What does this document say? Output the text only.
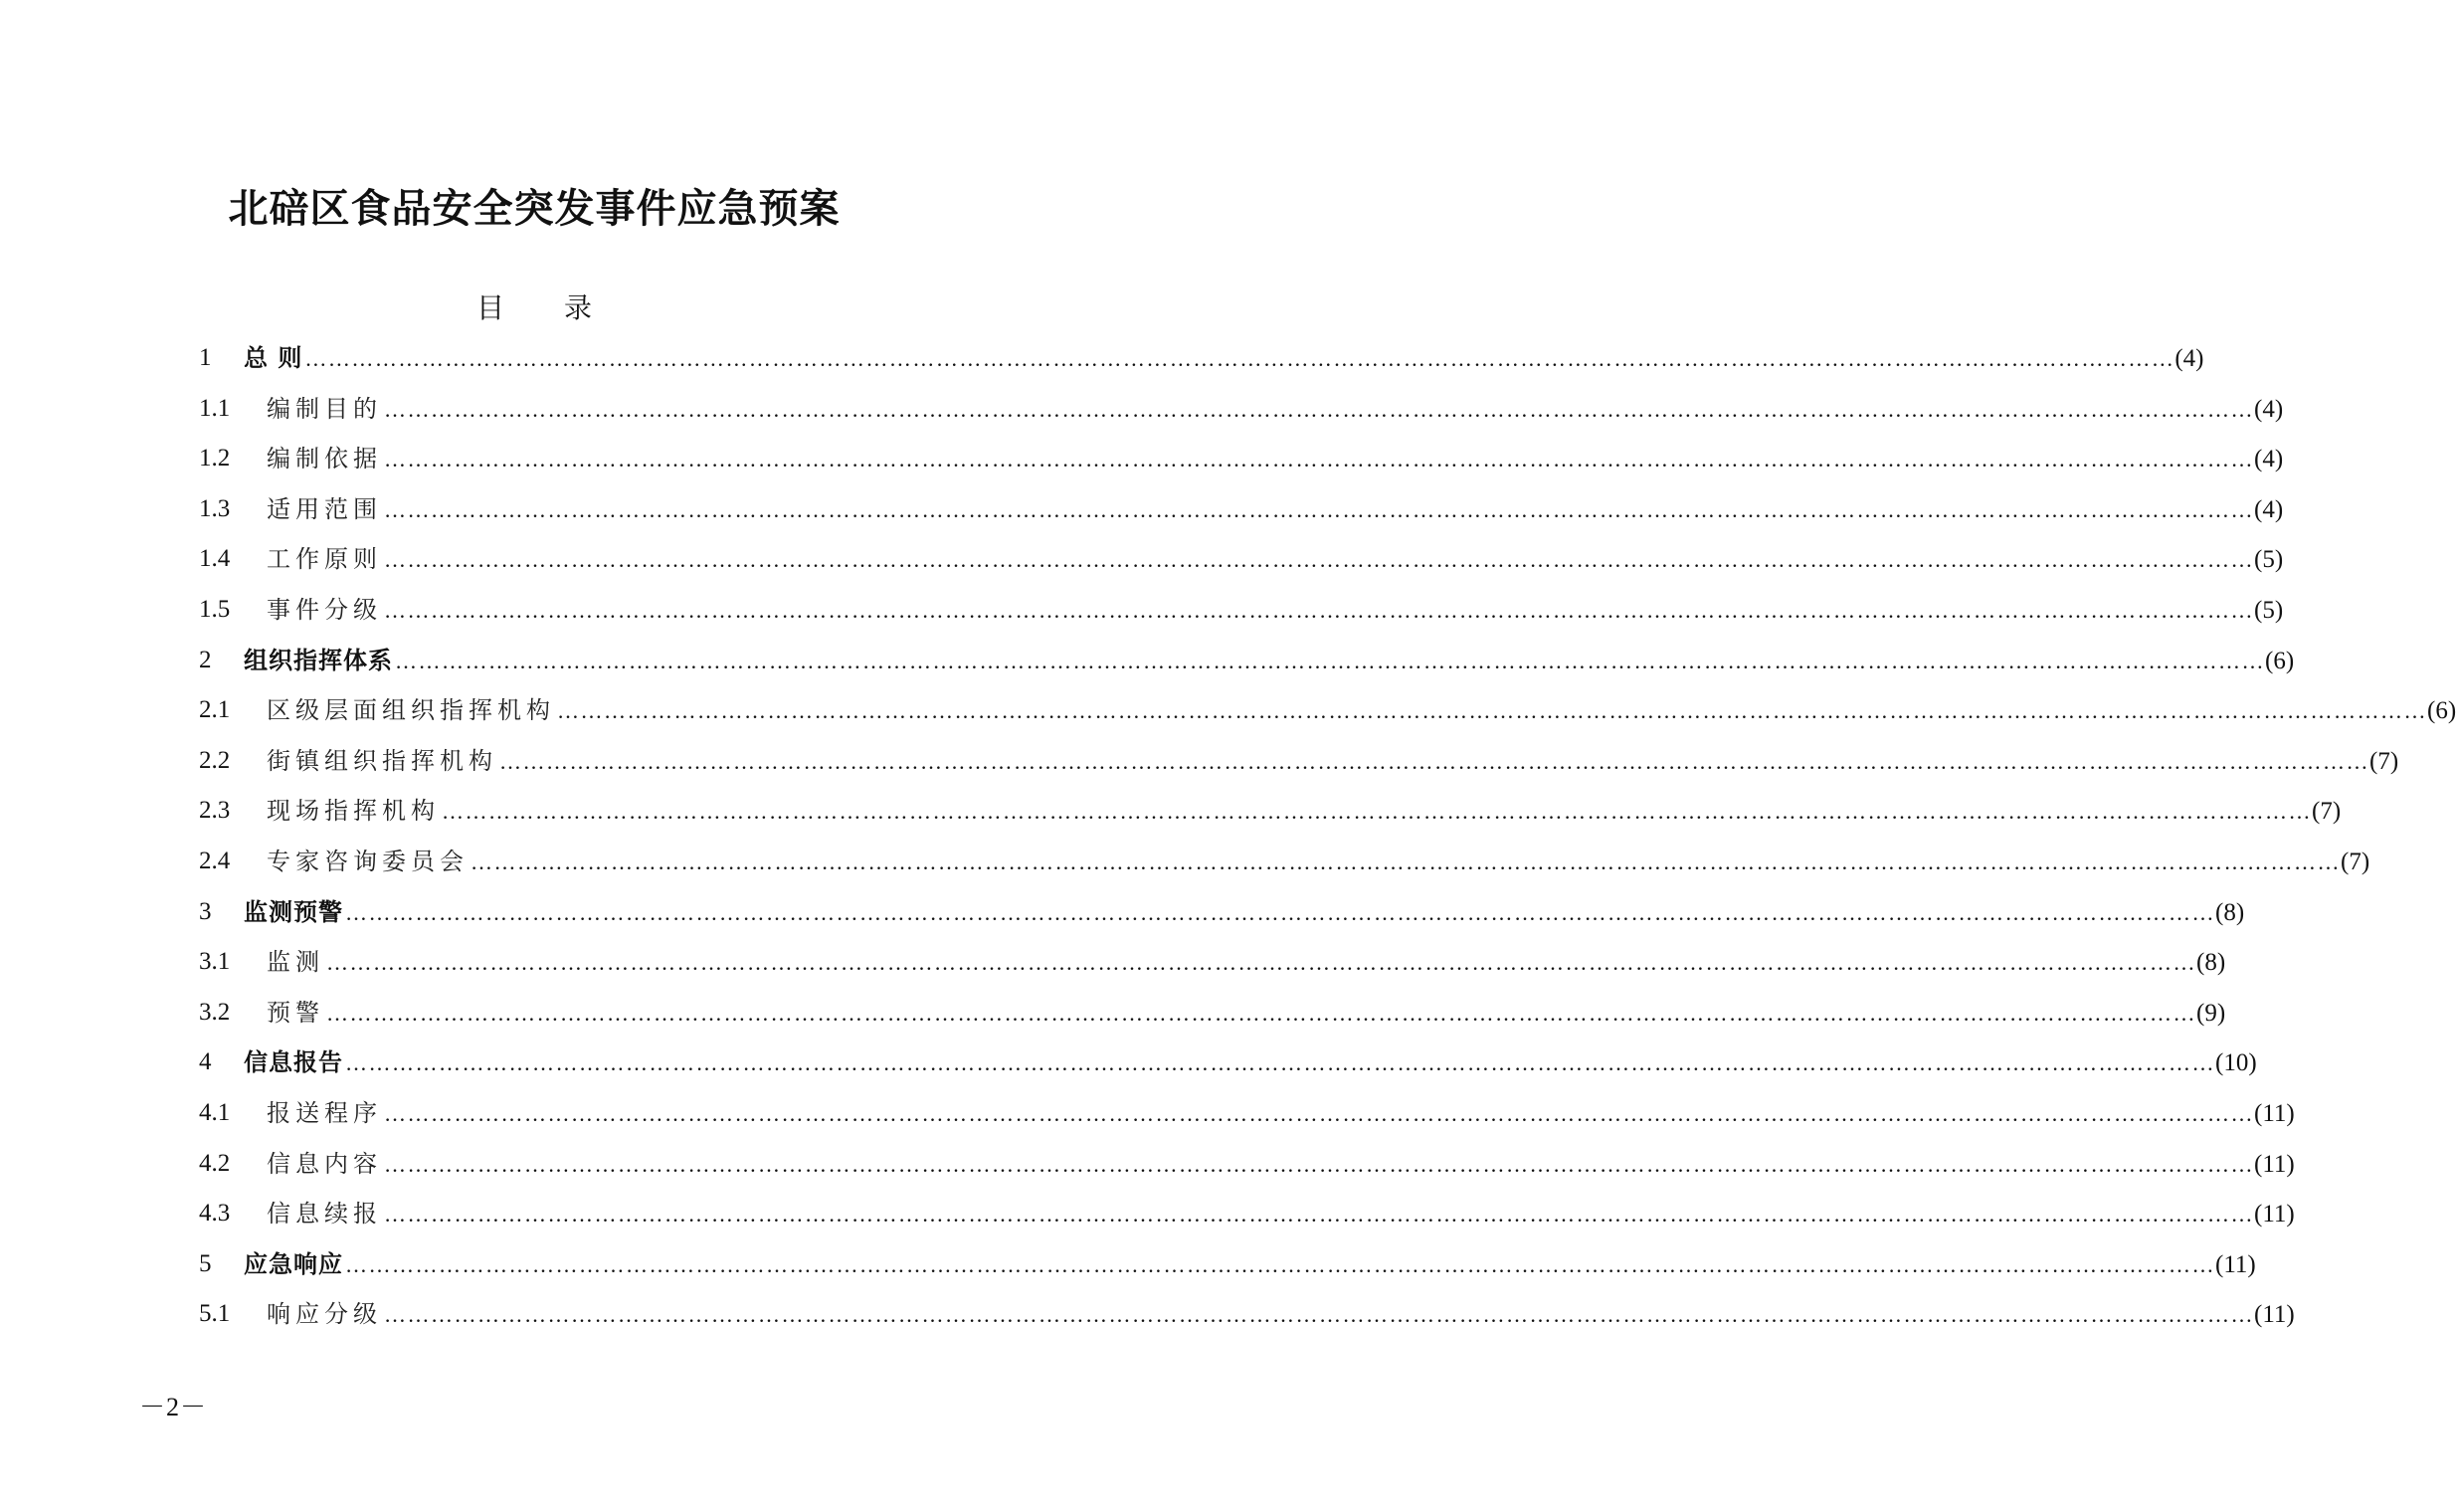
北碚区食品安全突发事件应急预案
目 录
1 总 则 …………………………………………………………………………………………………………………………………………………………………………………………………………………… (4)
1.1 编制目的 …………………………………………………………………………………………………………………………………………………………………………………………………………………… (4)
1.2 编制依据 …………………………………………………………………………………………………………………………………………………………………………………………………………………… (4)
1.3 适用范围 …………………………………………………………………………………………………………………………………………………………………………………………………………………… (4)
1.4 工作原则 …………………………………………………………………………………………………………………………………………………………………………………………………………………… (5)
1.5 事件分级 …………………………………………………………………………………………………………………………………………………………………………………………………………………… (5)
2 组织指挥体系 …………………………………………………………………………………………………………………………………………………………………………………………………………………… (6)
2.1 区级层面组织指挥机构 …………………………………………………………………………………………………………………………………………………………………………………………………………………… (6)
2.2 街镇组织指挥机构 …………………………………………………………………………………………………………………………………………………………………………………………………………………… (7)
2.3 现场指挥机构 …………………………………………………………………………………………………………………………………………………………………………………………………………………… (7)
2.4 专家咨询委员会 …………………………………………………………………………………………………………………………………………………………………………………………………………………… (7)
3 监测预警 …………………………………………………………………………………………………………………………………………………………………………………………………………………… (8)
3.1 监测 …………………………………………………………………………………………………………………………………………………………………………………………………………………… (8)
3.2 预警 …………………………………………………………………………………………………………………………………………………………………………………………………………………… (9)
4 信息报告 …………………………………………………………………………………………………………………………………………………………………………………………………………………… (10)
4.1 报送程序 …………………………………………………………………………………………………………………………………………………………………………………………………………………… (11)
4.2 信息内容 …………………………………………………………………………………………………………………………………………………………………………………………………………………… (11)
4.3 信息续报 …………………………………………………………………………………………………………………………………………………………………………………………………………………… (11)
5 应急响应 …………………………………………………………………………………………………………………………………………………………………………………………………………………… (11)
5.1 响应分级 …………………………………………………………………………………………………………………………………………………………………………………………………………………… (11)
－2－
